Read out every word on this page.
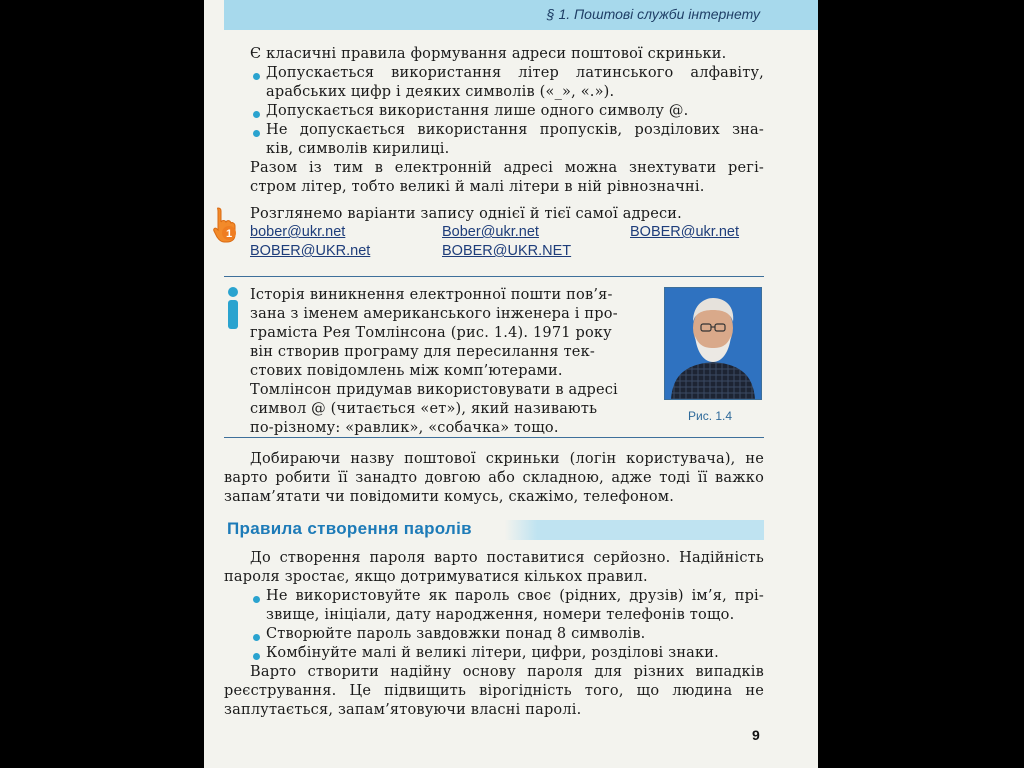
§ 1. Поштові служби інтернету
Є класичні правила формування адреси поштової скриньки.
Допускається використання літер латинського алфавіту,
арабських цифр і деяких символів («_», «.»).
Допускається використання лише одного символу @.
Не допускається використання пропусків, розділових зна-
ків, символів кирилиці.
Разом із тим в електронній адресі можна знехтувати регі-
стром літер, тобто великі й малі літери в ній рівнозначні.
1
Розглянемо варіанти запису однієї й тієї самої адреси.
bober@ukr.net	Bober@ukr.net	BOBER@ukr.net
BOBER@UKR.net	BOBER@UKR.NET
Історія виникнення електронної пошти пов’я-
зана з іменем американського інженера і про-
граміста Рея Томлінсона (рис. 1.4). 1971 року
він створив програму для пересилання тек-
стових повідомлень між комп’ютерами.
Томлінсон придумав використовувати в адресі
символ @ (читається «ет»), який називають
по-різному: «равлик», «собачка» тощо.
Рис. 1.4
Добираючи назву поштової скриньки (логін користувача), не
варто робити її занадто довгою або складною, адже тоді її важко
запам’ятати чи повідомити комусь, скажімо, телефоном.
Правила створення паролів
До створення пароля варто поставитися серйозно. Надійність
пароля зростає, якщо дотримуватися кількох правил.
Не використовуйте як пароль своє (рідних, друзів) ім’я, прі-
звище, ініціали, дату народження, номери телефонів тощо.
Створюйте пароль завдовжки понад 8 символів.
Комбінуйте малі й великі літери, цифри, розділові знаки.
Варто створити надійну основу пароля для різних випадків
реєстрування. Це підвищить вірогідність того, що людина не
заплутається, запам’ятовуючи власні паролі.
9
